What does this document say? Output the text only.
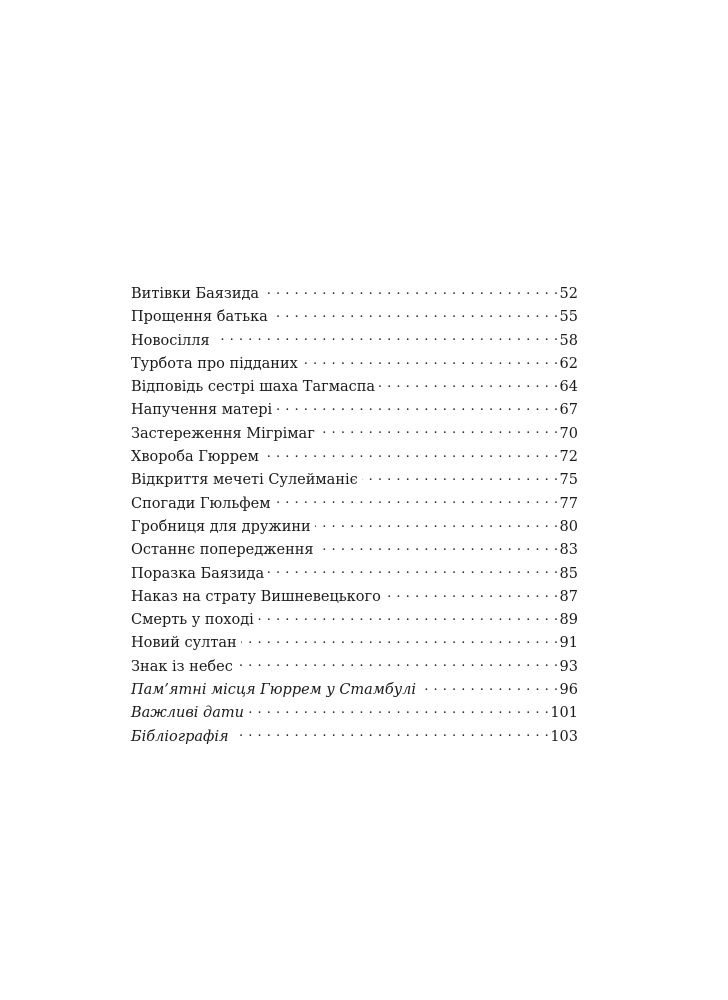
Витівки Баязида . . .	52
Прощення батька . . .	55
Новосілля . . .	58
Турбота про підданих . . .	62
Відповідь сестрі шаха Тагмаспа . . .	64
Напучення матері . . .	67
Застереження Мігрімаг . . .	70
Хвороба Гюррем . . .	72
Відкриття мечеті Сулейманіє . . .	75
Спогади Гюльфем . . .	77
Гробниця для дружини . . .	80
Останнє попередження . . .	83
Поразка Баязида . . .	85
Наказ на страту Вишневецького . . .	87
Смерть у поході . . .	89
Новий султан . . .	91
Знак із небес . . .	93
Пам’ятні місця Гюррем у Стамбулі . . .	96
Важливі дати . . .	101
Бібліографія . . .	103
